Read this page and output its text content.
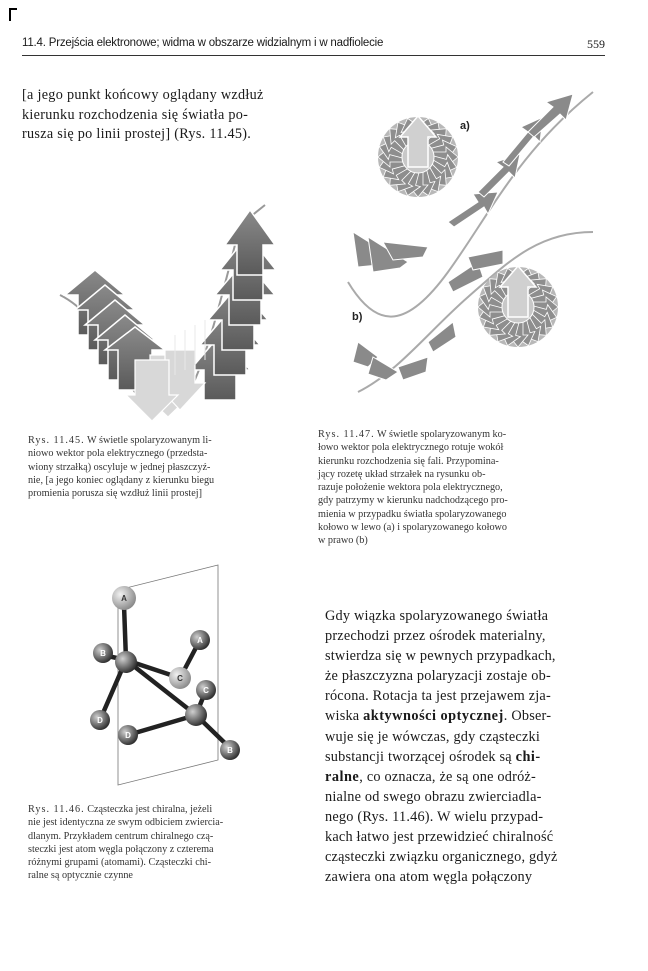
11.4. Przejścia elektronowe; widma w obszarze widzialnym i w nadfiolecie	559
[a jego punkt końcowy oglądany wzdłuż
kierunku rozchodzenia się światła po-
rusza się po linii prostej] (Rys. 11.45).
Rys. 11.45. W świetle spolaryzowanym li-
niowo wektor pola elektrycznego (przedsta-
wiony strzałką) oscyluje w jednej płaszczyź-
nie, [a jego koniec oglądany z kierunku biegu
promienia porusza się wzdłuż linii prostej]
a)
b)
Rys. 11.47. W świetle spolaryzowanym ko-
łowo wektor pola elektrycznego rotuje wokół
kierunku rozchodzenia się fali. Przypomina-
jący rozetę układ strzałek na rysunku ob-
razuje położenie wektora pola elektrycznego,
gdy patrzymy w kierunku nadchodzącego pro-
mienia w przypadku światła spolaryzowanego
kołowo w lewo (a) i spolaryzowanego kołowo
w prawo (b)
A
B
C
A
D
C
D
B
Rys. 11.46. Cząsteczka jest chiralna, jeżeli
nie jest identyczna ze swym odbiciem zwiercia-
dlanym. Przykładem centrum chiralnego czą-
steczki jest atom węgla połączony z czterema
różnymi grupami (atomami). Cząsteczki chi-
ralne są optycznie czynne
Gdy wiązka spolaryzowanego światła
przechodzi przez ośrodek materialny,
stwierdza się w pewnych przypadkach,
że płaszczyzna polaryzacji zostaje ob-
rócona. Rotacja ta jest przejawem zja-
wiska aktywności optycznej. Obser-
wuje się je wówczas, gdy cząsteczki
substancji tworzącej ośrodek są chi-
ralne, co oznacza, że są one odróż-
nialne od swego obrazu zwierciadla-
nego (Rys. 11.46). W wielu przypad-
kach łatwo jest przewidzieć chiralność
cząsteczki związku organicznego, gdyż
zawiera ona atom węgla połączony
